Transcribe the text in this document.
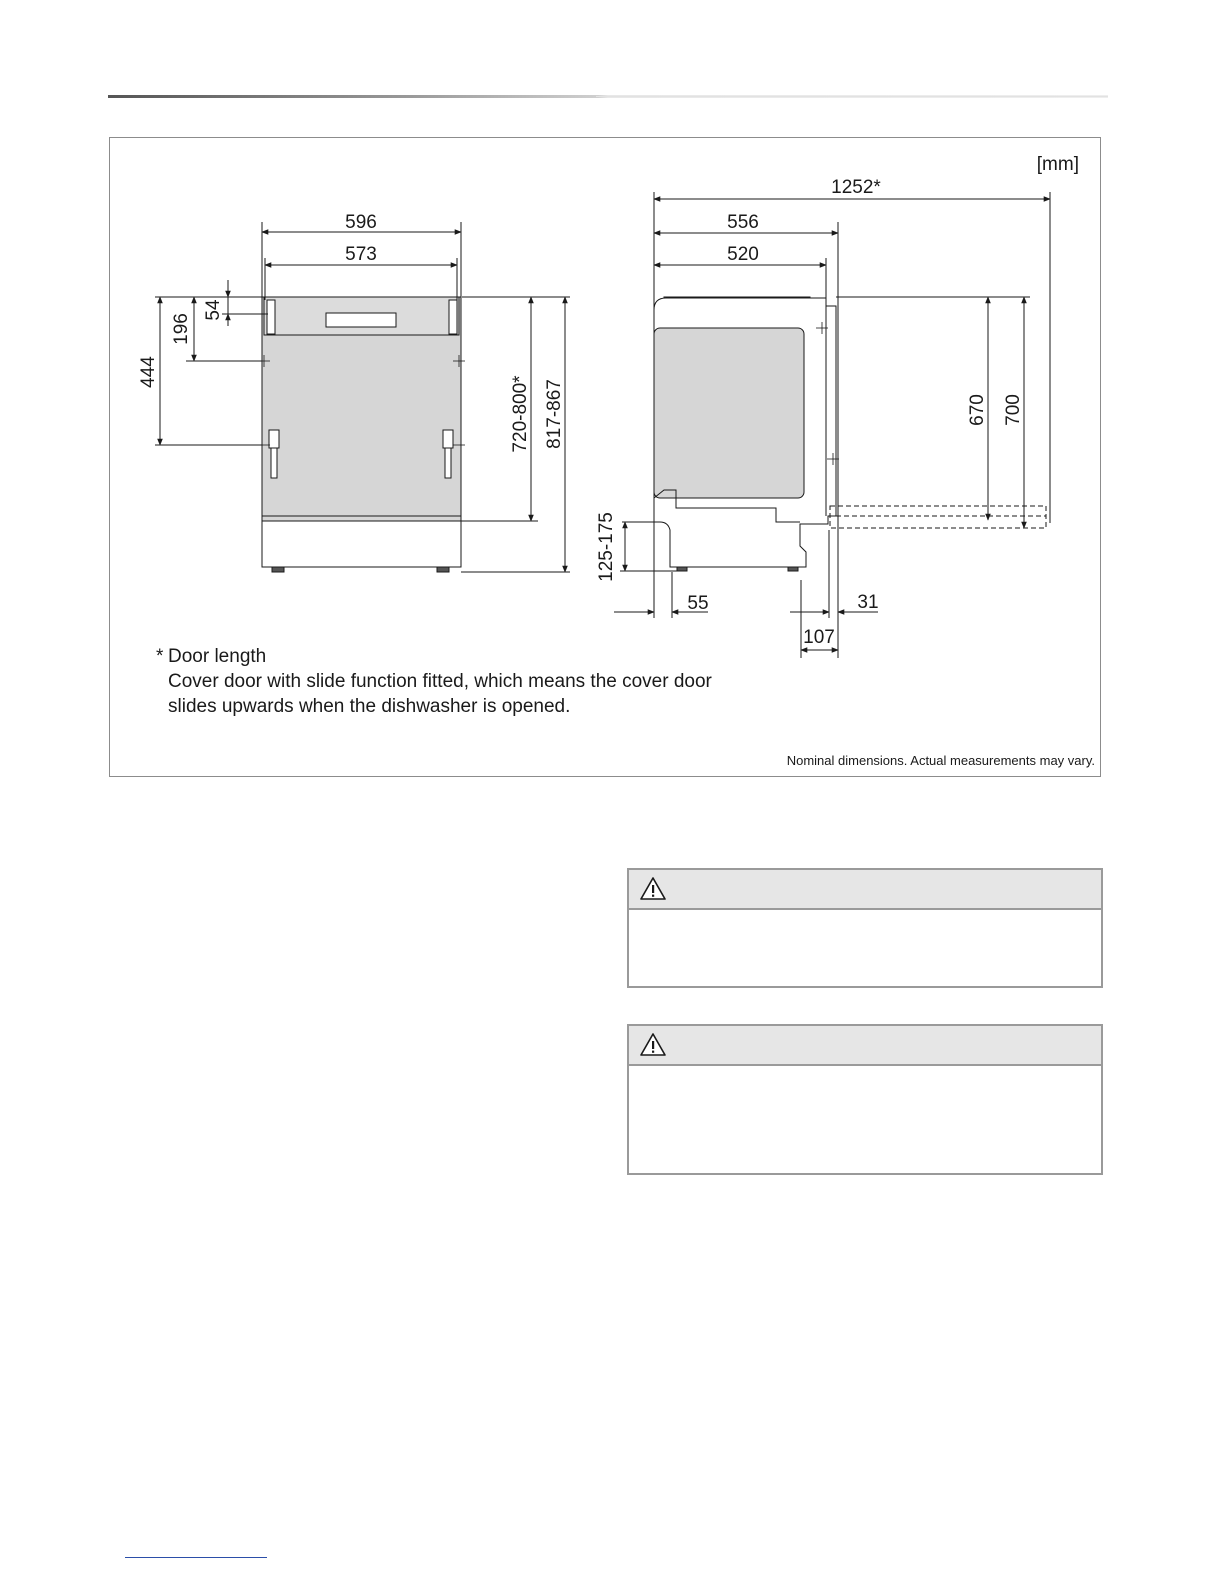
[mm]
596
573
54
196
444
720-800* 817-867
1252*
556
520
670 700
125-175
55	31
107
* Door length
Cover door with slide function fitted, which means the cover door
slides upwards when the dishwasher is opened.
Nominal dimensions. Actual measurements may vary.
